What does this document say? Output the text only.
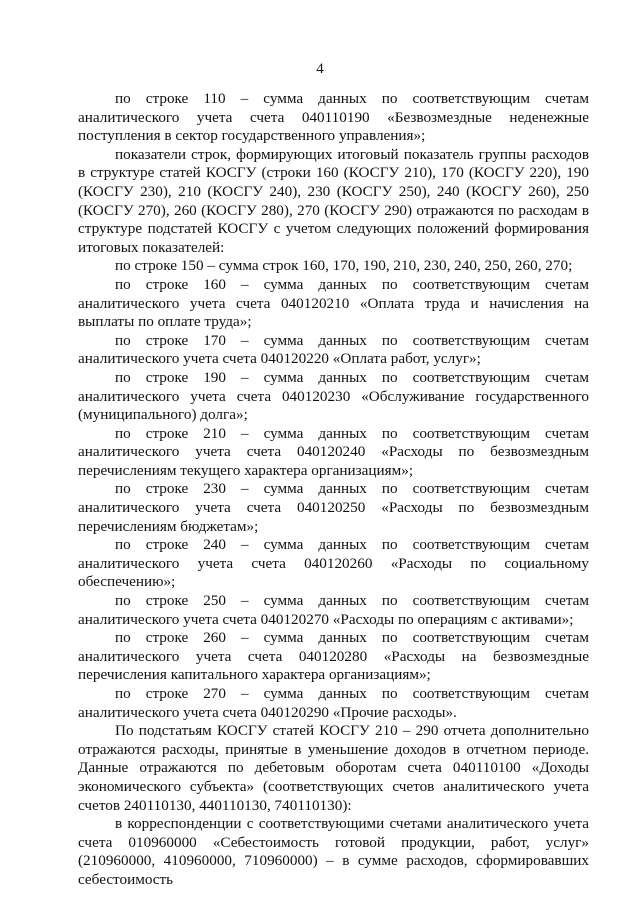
4

по строке 110 – сумма данных по соответствующим счетам аналитического учета счета 040110190 «Безвозмездные неденежные поступления в сектор государственного управления»;

показатели строк, формирующих итоговый показатель группы расходов в структуре статей КОСГУ (строки 160 (КОСГУ 210), 170 (КОСГУ 220), 190 (КОСГУ 230), 210 (КОСГУ 240), 230 (КОСГУ 250), 240 (КОСГУ 260), 250 (КОСГУ 270), 260 (КОСГУ 280), 270 (КОСГУ 290) отражаются по расходам в структуре подстатей КОСГУ с учетом следующих положений формирования итоговых показателей:

по строке 150 – сумма строк 160, 170, 190, 210, 230, 240, 250, 260, 270;

по строке 160 – сумма данных по соответствующим счетам аналитического учета счета 040120210 «Оплата труда и начисления на выплаты по оплате труда»;

по строке 170 – сумма данных по соответствующим счетам аналитического учета счета 040120220 «Оплата работ, услуг»;

по строке 190 – сумма данных по соответствующим счетам аналитического учета счета 040120230 «Обслуживание государственного (муниципального) долга»;

по строке 210 – сумма данных по соответствующим счетам аналитического учета счета 040120240 «Расходы по безвозмездным перечислениям текущего характера организациям»;

по строке 230 – сумма данных по соответствующим счетам аналитического учета счета 040120250 «Расходы по безвозмездным перечислениям бюджетам»;

по строке 240 – сумма данных по соответствующим счетам аналитического учета счета 040120260 «Расходы по социальному обеспечению»;

по строке 250 – сумма данных по соответствующим счетам аналитического учета счета 040120270 «Расходы по операциям с активами»;

по строке 260 – сумма данных по соответствующим счетам аналитического учета счета 040120280 «Расходы на безвозмездные перечисления капитального характера организациям»;

по строке 270 – сумма данных по соответствующим счетам аналитического учета счета 040120290 «Прочие расходы».

По подстатьям КОСГУ статей КОСГУ 210 – 290 отчета дополнительно отражаются расходы, принятые в уменьшение доходов в отчетном периоде. Данные отражаются по дебетовым оборотам счета 040110100 «Доходы экономического субъекта» (соответствующих счетов аналитического учета счетов 240110130, 440110130, 740110130):

в корреспонденции с соответствующими счетами аналитического учета счета 010960000 «Себестоимость готовой продукции, работ, услуг» (210960000, 410960000, 710960000) – в сумме расходов, сформировавших себестоимость
